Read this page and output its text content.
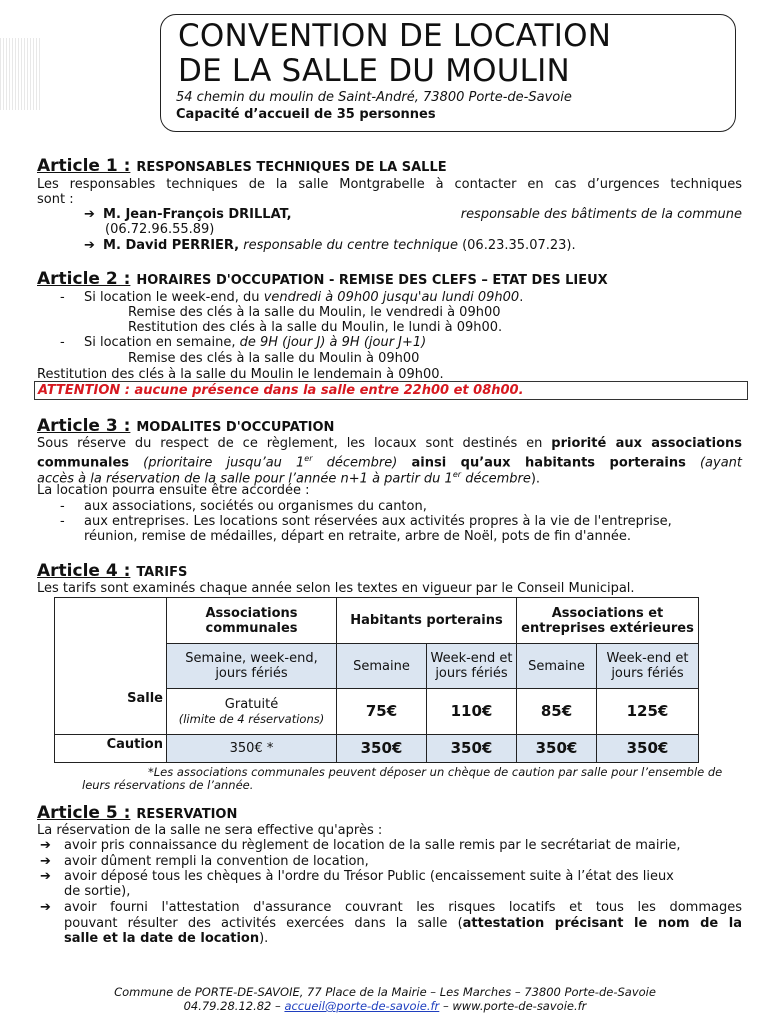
CONVENTION DE LOCATION
DE LA SALLE DU MOULIN
54 chemin du moulin de Saint-André, 73800 Porte-de-Savoie
Capacité d’accueil de 35 personnes
Article 1 : RESPONSABLES TECHNIQUES DE LA SALLE
Les responsables techniques de la salle Montgrabelle à contacter en cas d’urgences techniques
sont :
➔ M. Jean-François DRILLAT,	responsable des bâtiments de la commune
(06.72.96.55.89)
➔ M. David PERRIER, responsable du centre technique (06.23.35.07.23).
Article 2 : HORAIRES D'OCCUPATION - REMISE DES CLEFS – ETAT DES LIEUX
- Si location le week-end, du vendredi à 09h00 jusqu'au lundi 09h00.
Remise des clés à la salle du Moulin, le vendredi à 09h00
Restitution des clés à la salle du Moulin, le lundi à 09h00.
- Si location en semaine, de 9H (jour J) à 9H (jour J+1)
Remise des clés à la salle du Moulin à 09h00
Restitution des clés à la salle du Moulin le lendemain à 09h00.
ATTENTION : aucune présence dans la salle entre 22h00 et 08h00.
Article 3 : MODALITES D'OCCUPATION
Sous réserve du respect de ce règlement, les locaux sont destinés en priorité aux associations
communales (prioritaire jusqu’au 1er décembre) ainsi qu’aux habitants porterains (ayant
accès à la réservation de la salle pour l’année n+1 à partir du 1er décembre).
La location pourra ensuite être accordée :
- aux associations, sociétés ou organismes du canton,
- aux entreprises. Les locations sont réservées aux activités propres à la vie de l'entreprise,
réunion, remise de médailles, départ en retraite, arbre de Noël, pots de fin d'année.
Article 4 : TARIFS
Les tarifs sont examinés chaque année selon les textes en vigueur par le Conseil Municipal.
	Associations communales	Habitants porterains		Associations et entreprises extérieures	
	Semaine, week-end, jours fériés	Semaine	Week-end et jours fériés	Semaine	Week-end et jours fériés
Salle	Gratuité
(limite de 4 réservations)	75€	110€	85€	125€
Caution	350€ *	350€	350€	350€	350€
*Les associations communales peuvent déposer un chèque de caution par salle pour l’ensemble de
leurs réservations de l’année.
Article 5 : RESERVATION
La réservation de la salle ne sera effective qu'après :
➔ avoir pris connaissance du règlement de location de la salle remis par le secrétariat de mairie,
➔ avoir dûment rempli la convention de location,
➔ avoir déposé tous les chèques à l'ordre du Trésor Public (encaissement suite à l’état des lieux
de sortie),
➔ avoir fourni l'attestation d'assurance couvrant les risques locatifs et tous les dommages
pouvant résulter des activités exercées dans la salle (attestation précisant le nom de la
salle et la date de location).
Commune de PORTE-DE-SAVOIE, 77 Place de la Mairie – Les Marches – 73800 Porte-de-Savoie
04.79.28.12.82 – accueil@porte-de-savoie.fr – www.porte-de-savoie.fr
